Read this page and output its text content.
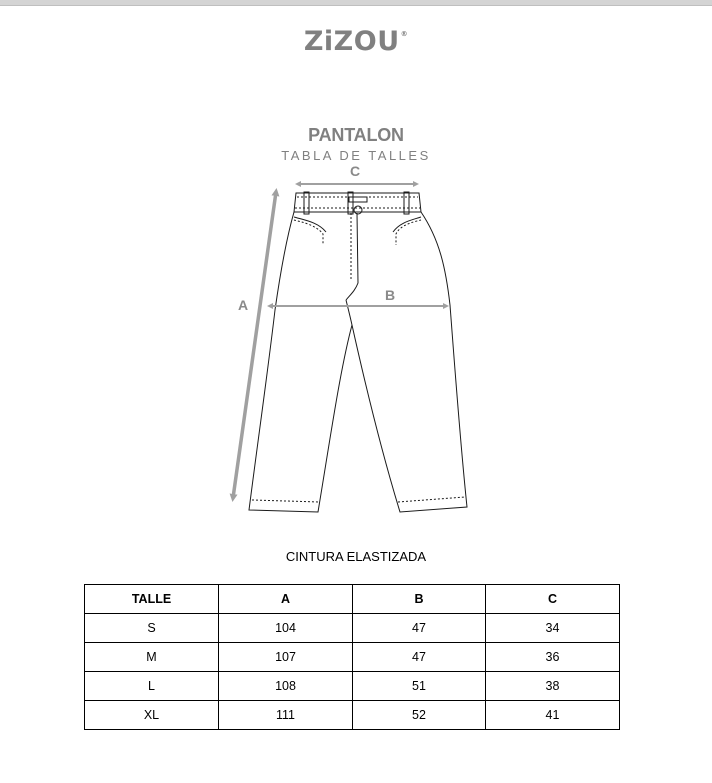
ZiZOU®
PANTALON
TABLA DE TALLES
A
B
C
CINTURA ELASTIZADA
TALLE	A	B	C
S	104	47	34
M	107	47	36
L	108	51	38
XL	111	52	41
